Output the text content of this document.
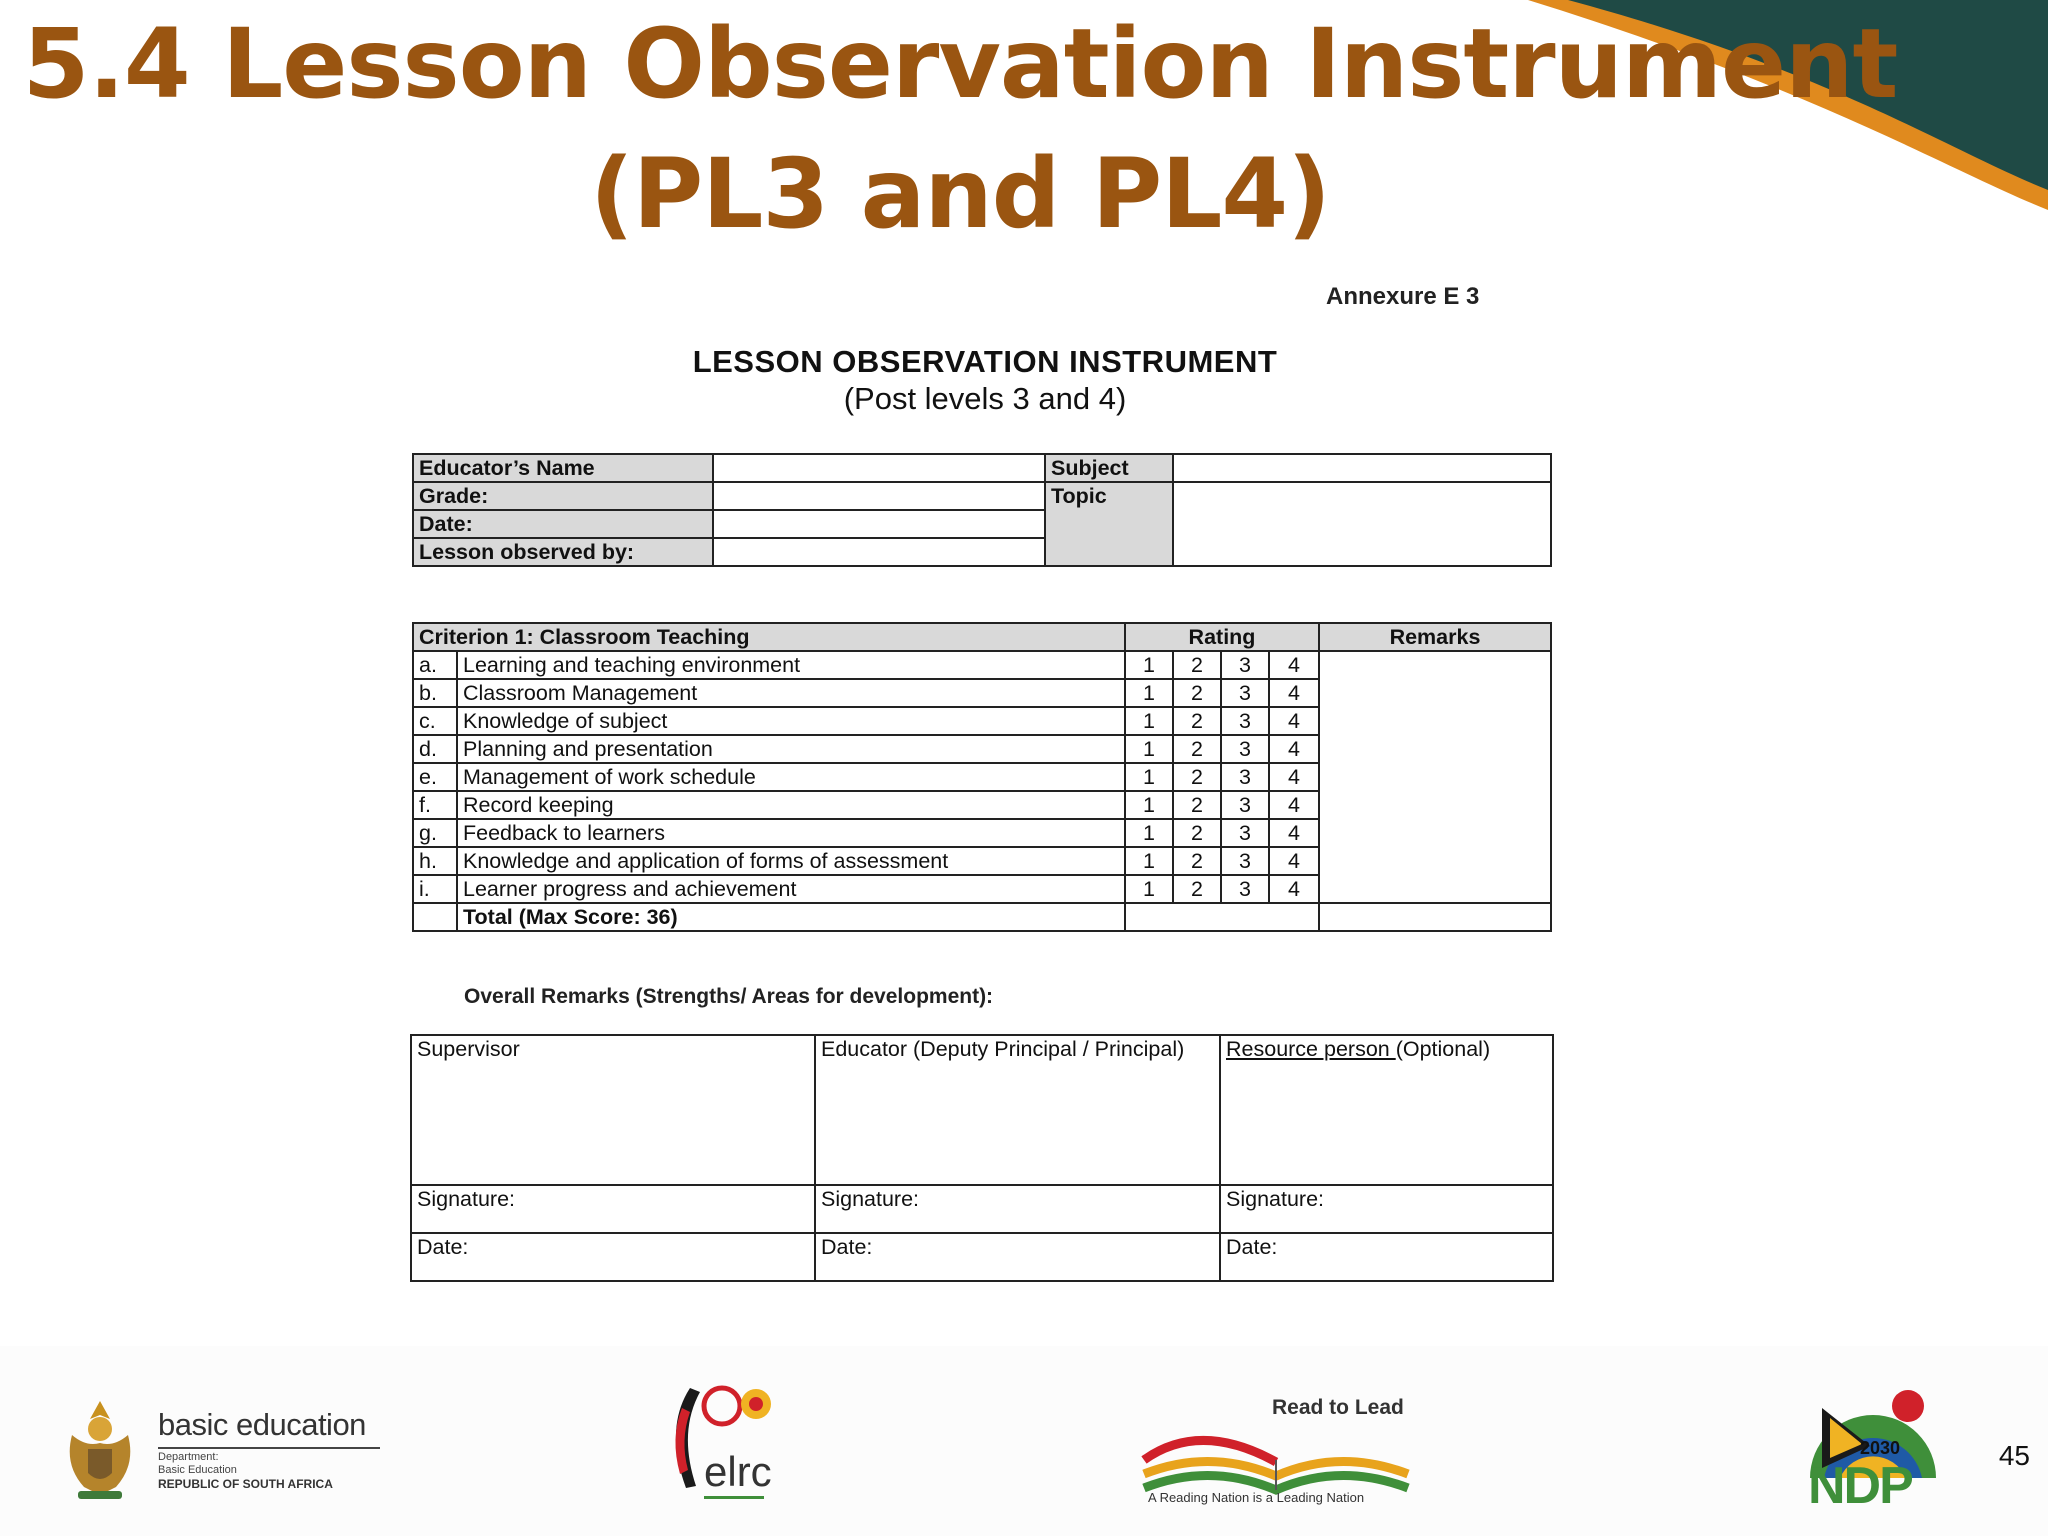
5.4 Lesson Observation Instrument
(PL3 and PL4)
Annexure E 3
LESSON OBSERVATION INSTRUMENT
(Post levels 3 and 4)
Educator’s Name		Subject	
Grade:		Topic	
Date:			
Lesson observed by:			
Criterion 1: Classroom Teaching		Rating				Remarks
a.	Learning and teaching environment	1	2	3	4	
b.	Classroom Management	1	2	3	4	
c.	Knowledge of subject	1	2	3	4	
d.	Planning and presentation	1	2	3	4	
e.	Management of work schedule	1	2	3	4	
f.	Record keeping	1	2	3	4	
g.	Feedback to learners	1	2	3	4	
h.	Knowledge and application of forms of assessment	1	2	3	4	
i.	Learner progress and achievement	1	2	3	4	
	Total (Max Score: 36)					
Overall Remarks (Strengths/ Areas for development):
Supervisor	Educator (Deputy Principal / Principal)	Resource person (Optional)
Signature:	Signature:	Signature:
Date:	Date:	Date:
basic education
Department:
Basic Education
REPUBLIC OF SOUTH AFRICA	elrc
Read to Lead
A Reading Nation is a Leading Nation
2030
NDP
45
